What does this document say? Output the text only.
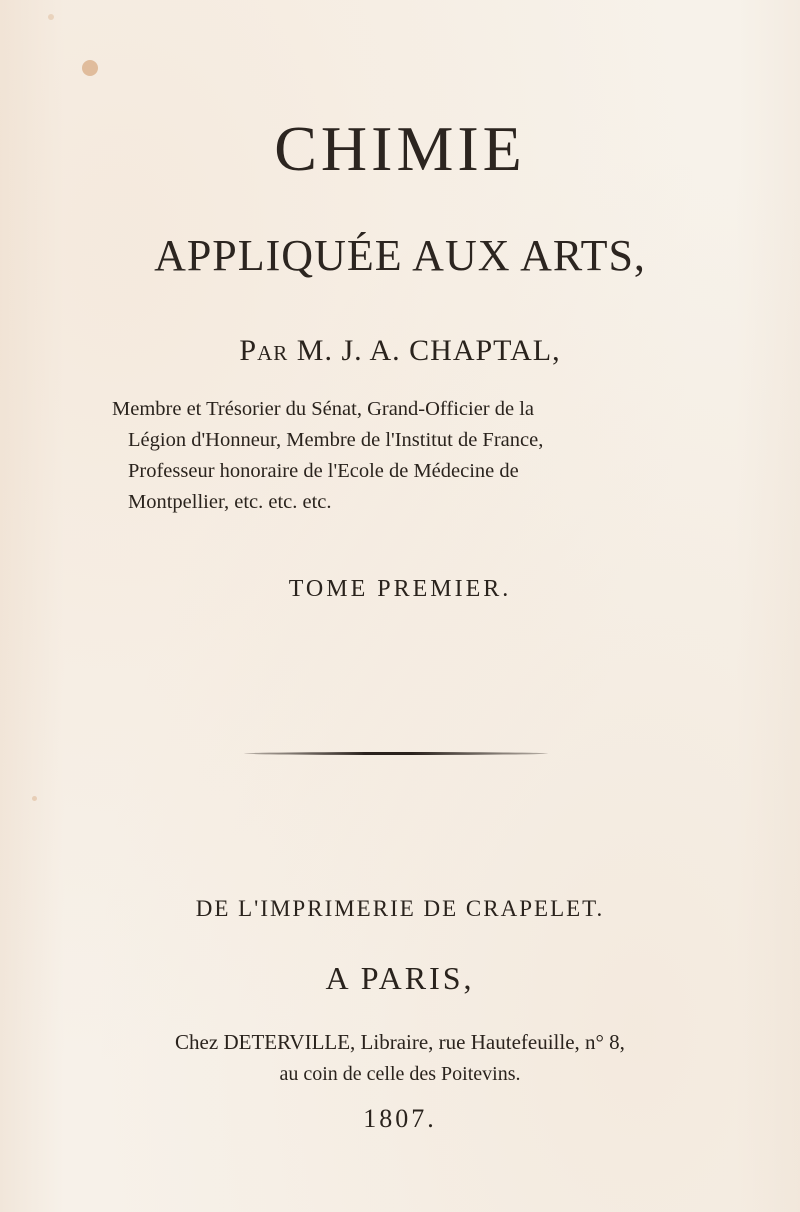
CHIMIE
APPLIQUÉE AUX ARTS,
Par M. J. A. CHAPTAL,
Membre et Trésorier du Sénat, Grand-Officier de la
Légion d'Honneur, Membre de l'Institut de France,
Professeur honoraire de l'Ecole de Médecine de
Montpellier, etc. etc. etc.
TOME PREMIER.
DE L'IMPRIMERIE DE CRAPELET.
A PARIS,
Chez DETERVILLE, Libraire, rue Hautefeuille, n° 8,
au coin de celle des Poitevins.
1807.
